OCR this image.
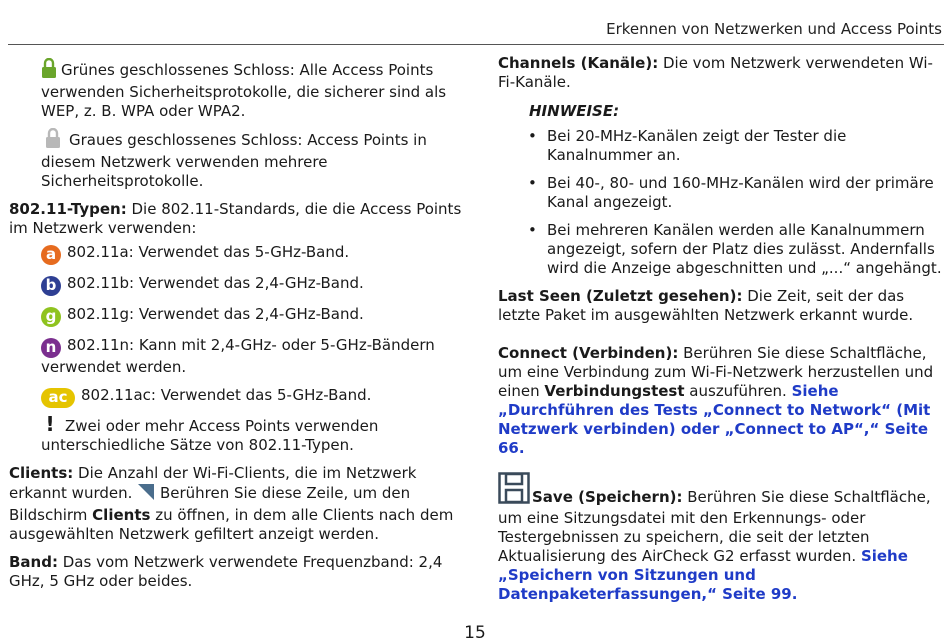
Erkennen von Netzwerken und Access Points

Grünes geschlossenes Schloss: Alle Access Points verwenden Sicherheitsprotokolle, die sicherer sind als WEP, z. B. WPA oder WPA2.

Graues geschlossenes Schloss: Access Points in diesem Netzwerk verwenden mehrere Sicherheitsprotokolle.

802.11-Typen: Die 802.11-Standards, die die Access Points im Netzwerk verwenden:

a 802.11a: Verwendet das 5-GHz-Band.

b 802.11b: Verwendet das 2,4-GHz-Band.

g 802.11g: Verwendet das 2,4-GHz-Band.

n 802.11n: Kann mit 2,4-GHz- oder 5-GHz-Bändern verwendet werden.

ac 802.11ac: Verwendet das 5-GHz-Band.

! Zwei oder mehr Access Points verwenden unterschiedliche Sätze von 802.11-Typen.

Clients: Die Anzahl der Wi-Fi-Clients, die im Netzwerk erkannt wurden.  Berühren Sie diese Zeile, um den Bildschirm Clients zu öffnen, in dem alle Clients nach dem ausgewählten Netzwerk gefiltert anzeigt werden.

Band: Das vom Netzwerk verwendete Frequenzband: 2,4 GHz, 5 GHz oder beides.

Channels (Kanäle): Die vom Netzwerk verwendeten Wi-Fi-Kanäle.

HINWEISE:

• Bei 20-MHz-Kanälen zeigt der Tester die Kanalnummer an.
• Bei 40-, 80- und 160-MHz-Kanälen wird der primäre Kanal angezeigt.
• Bei mehreren Kanälen werden alle Kanalnummern angezeigt, sofern der Platz dies zulässt. Andernfalls wird die Anzeige abgeschnitten und „...“ angehängt.

Last Seen (Zuletzt gesehen): Die Zeit, seit der das letzte Paket im ausgewählten Netzwerk erkannt wurde.

Connect (Verbinden): Berühren Sie diese Schaltfläche, um eine Verbindung zum Wi-Fi-Netzwerk herzustellen und einen Verbindungstest auszuführen. Siehe „Durchführen des Tests „Connect to Network“ (Mit Netzwerk verbinden) oder „Connect to AP“,“ Seite 66.

Save (Speichern): Berühren Sie diese Schaltfläche, um eine Sitzungsdatei mit den Erkennungs- oder Testergebnissen zu speichern, die seit der letzten Aktualisierung des AirCheck G2 erfasst wurden. Siehe „Speichern von Sitzungen und Datenpaketerfassungen,“ Seite 99.

15
